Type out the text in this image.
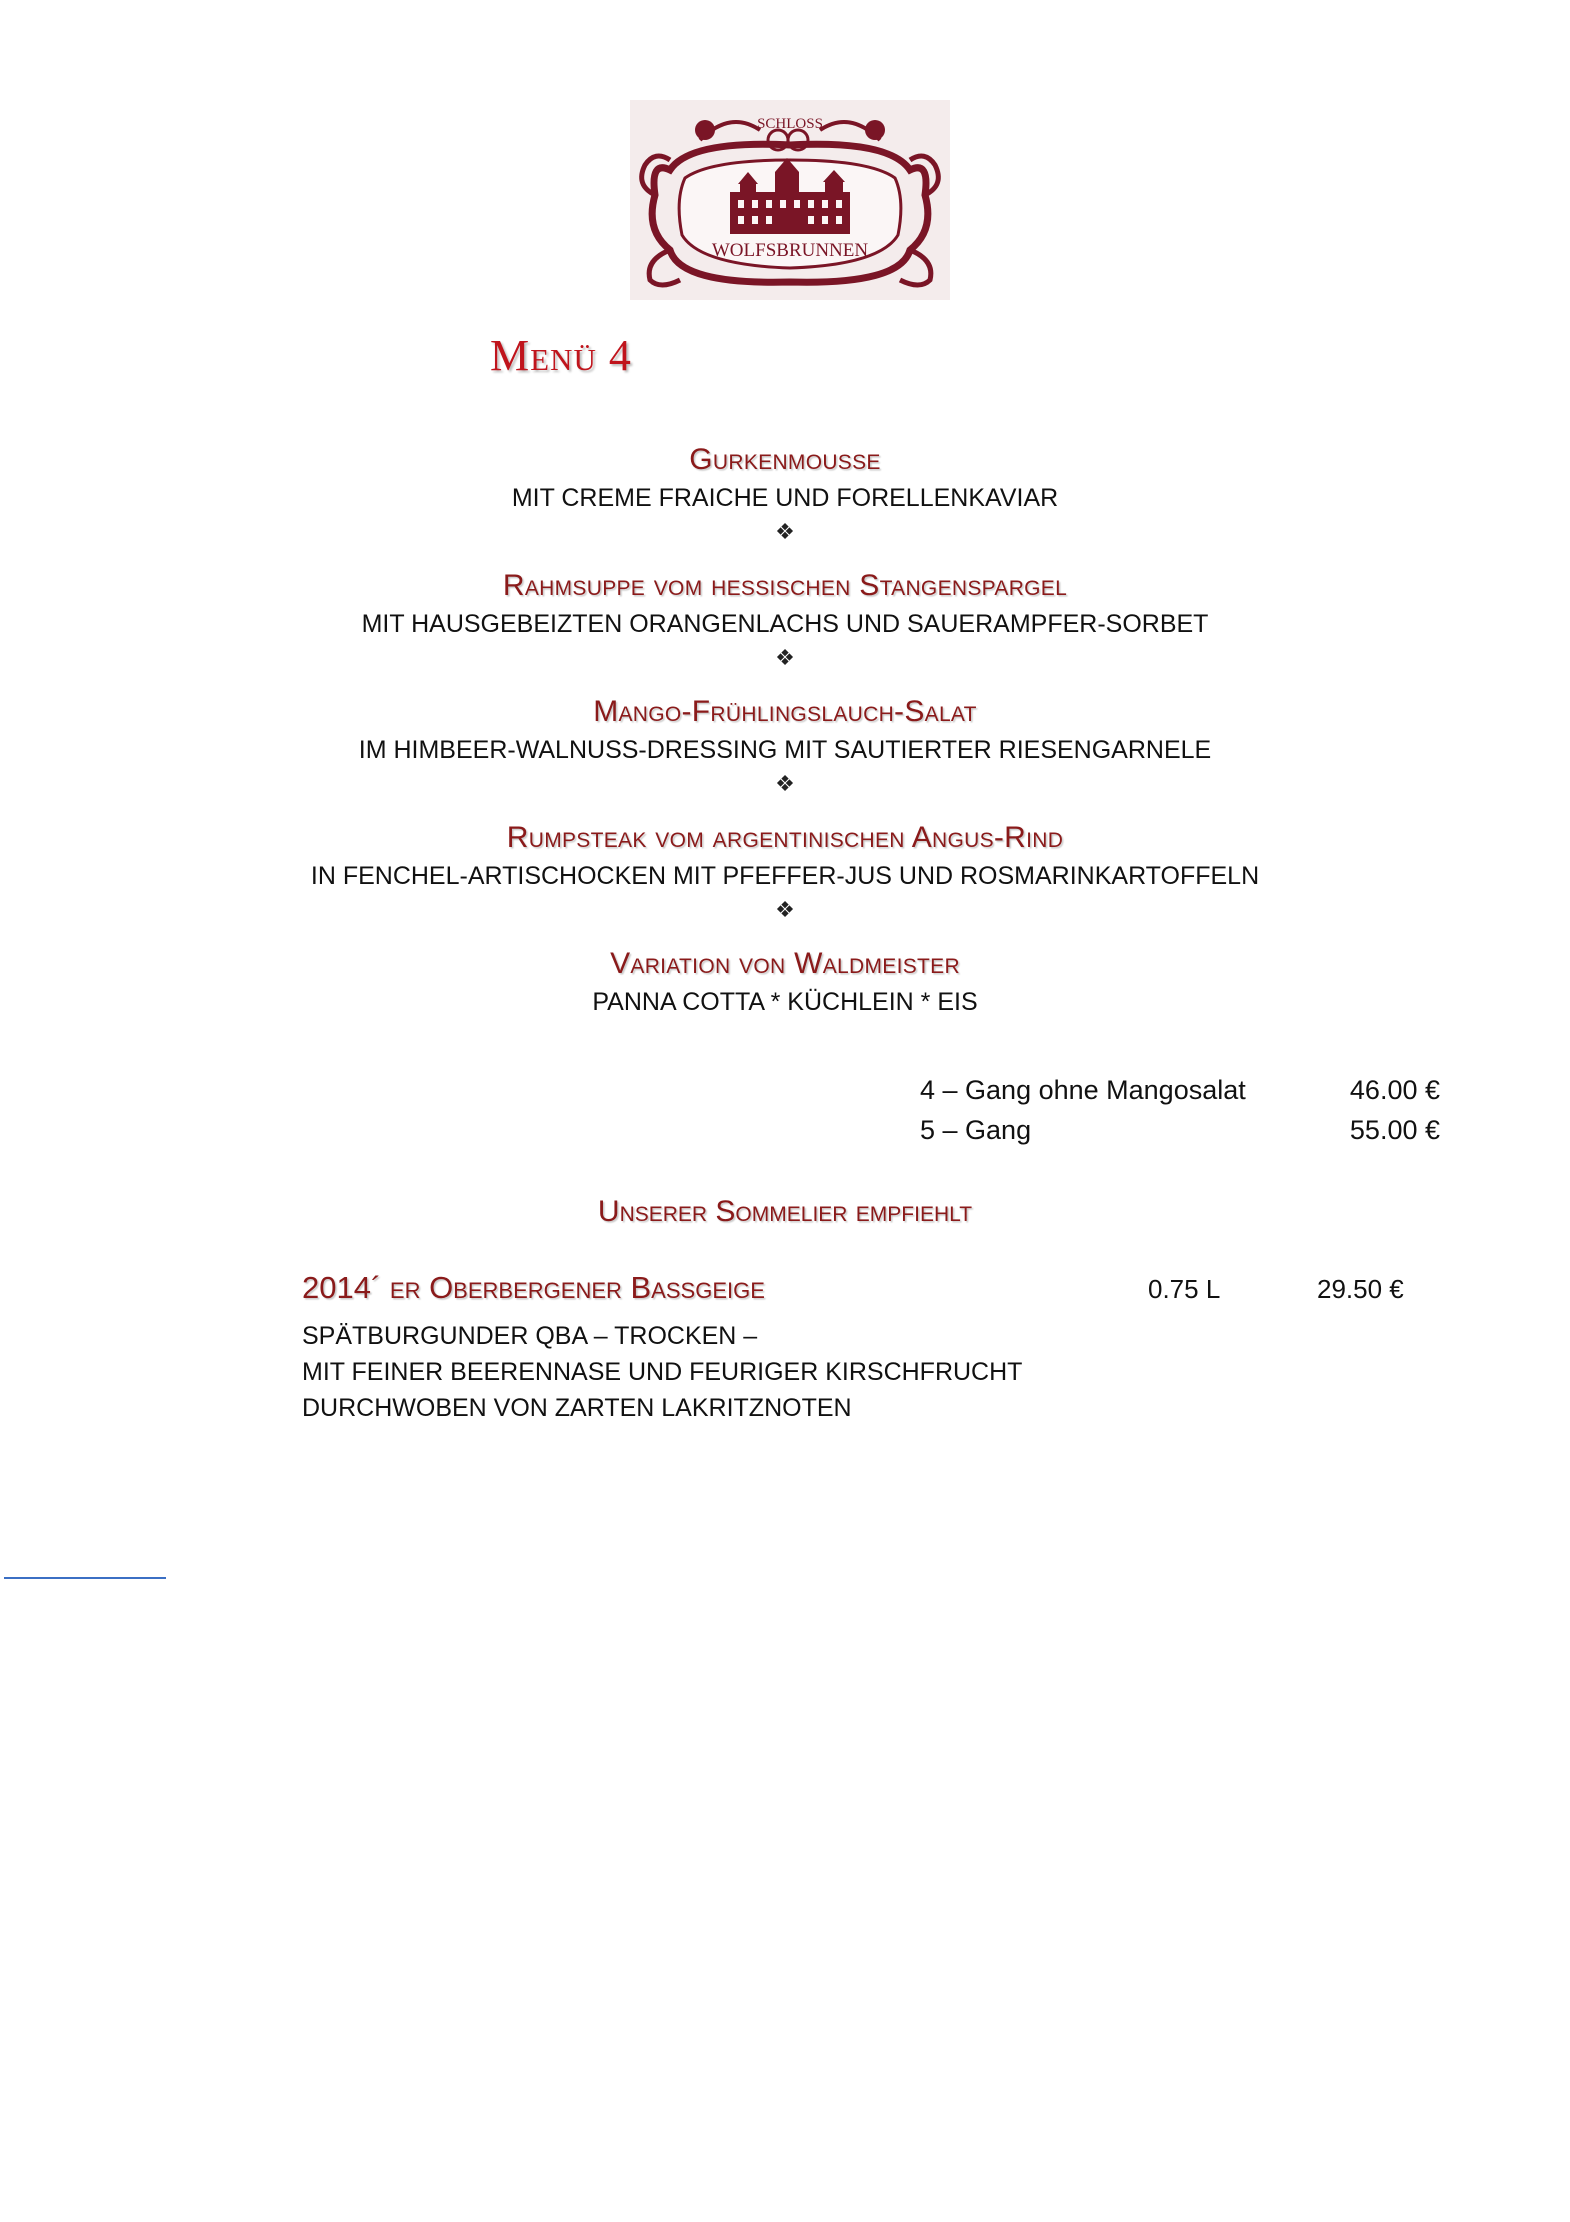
SCHLOSS
WOLFSBRUNNEN
Menü 4
Gurkenmousse
MIT CREME FRAICHE UND FORELLENKAVIAR
❖
Rahmsuppe vom hessischen Stangenspargel
MIT HAUSGEBEIZTEN ORANGENLACHS UND SAUERAMPFER-SORBET
❖
Mango-Frühlingslauch-Salat
IM HIMBEER-WALNUSS-DRESSING MIT SAUTIERTER RIESENGARNELE
❖
Rumpsteak vom argentinischen Angus-Rind
IN FENCHEL-ARTISCHOCKEN MIT PFEFFER-JUS UND ROSMARINKARTOFFELN
❖
Variation von Waldmeister
PANNA COTTA * KÜCHLEIN * EIS
4 – Gang ohne Mangosalat	46.00 €
5 – Gang	55.00 €
Unserer Sommelier empfiehlt
2014´ er Oberbergener Bassgeige	0.75 L	29.50 €
SPÄTBURGUNDER QBA – TROCKEN –
MIT FEINER BEERENNASE UND FEURIGER KIRSCHFRUCHT
DURCHWOBEN VON ZARTEN LAKRITZNOTEN
